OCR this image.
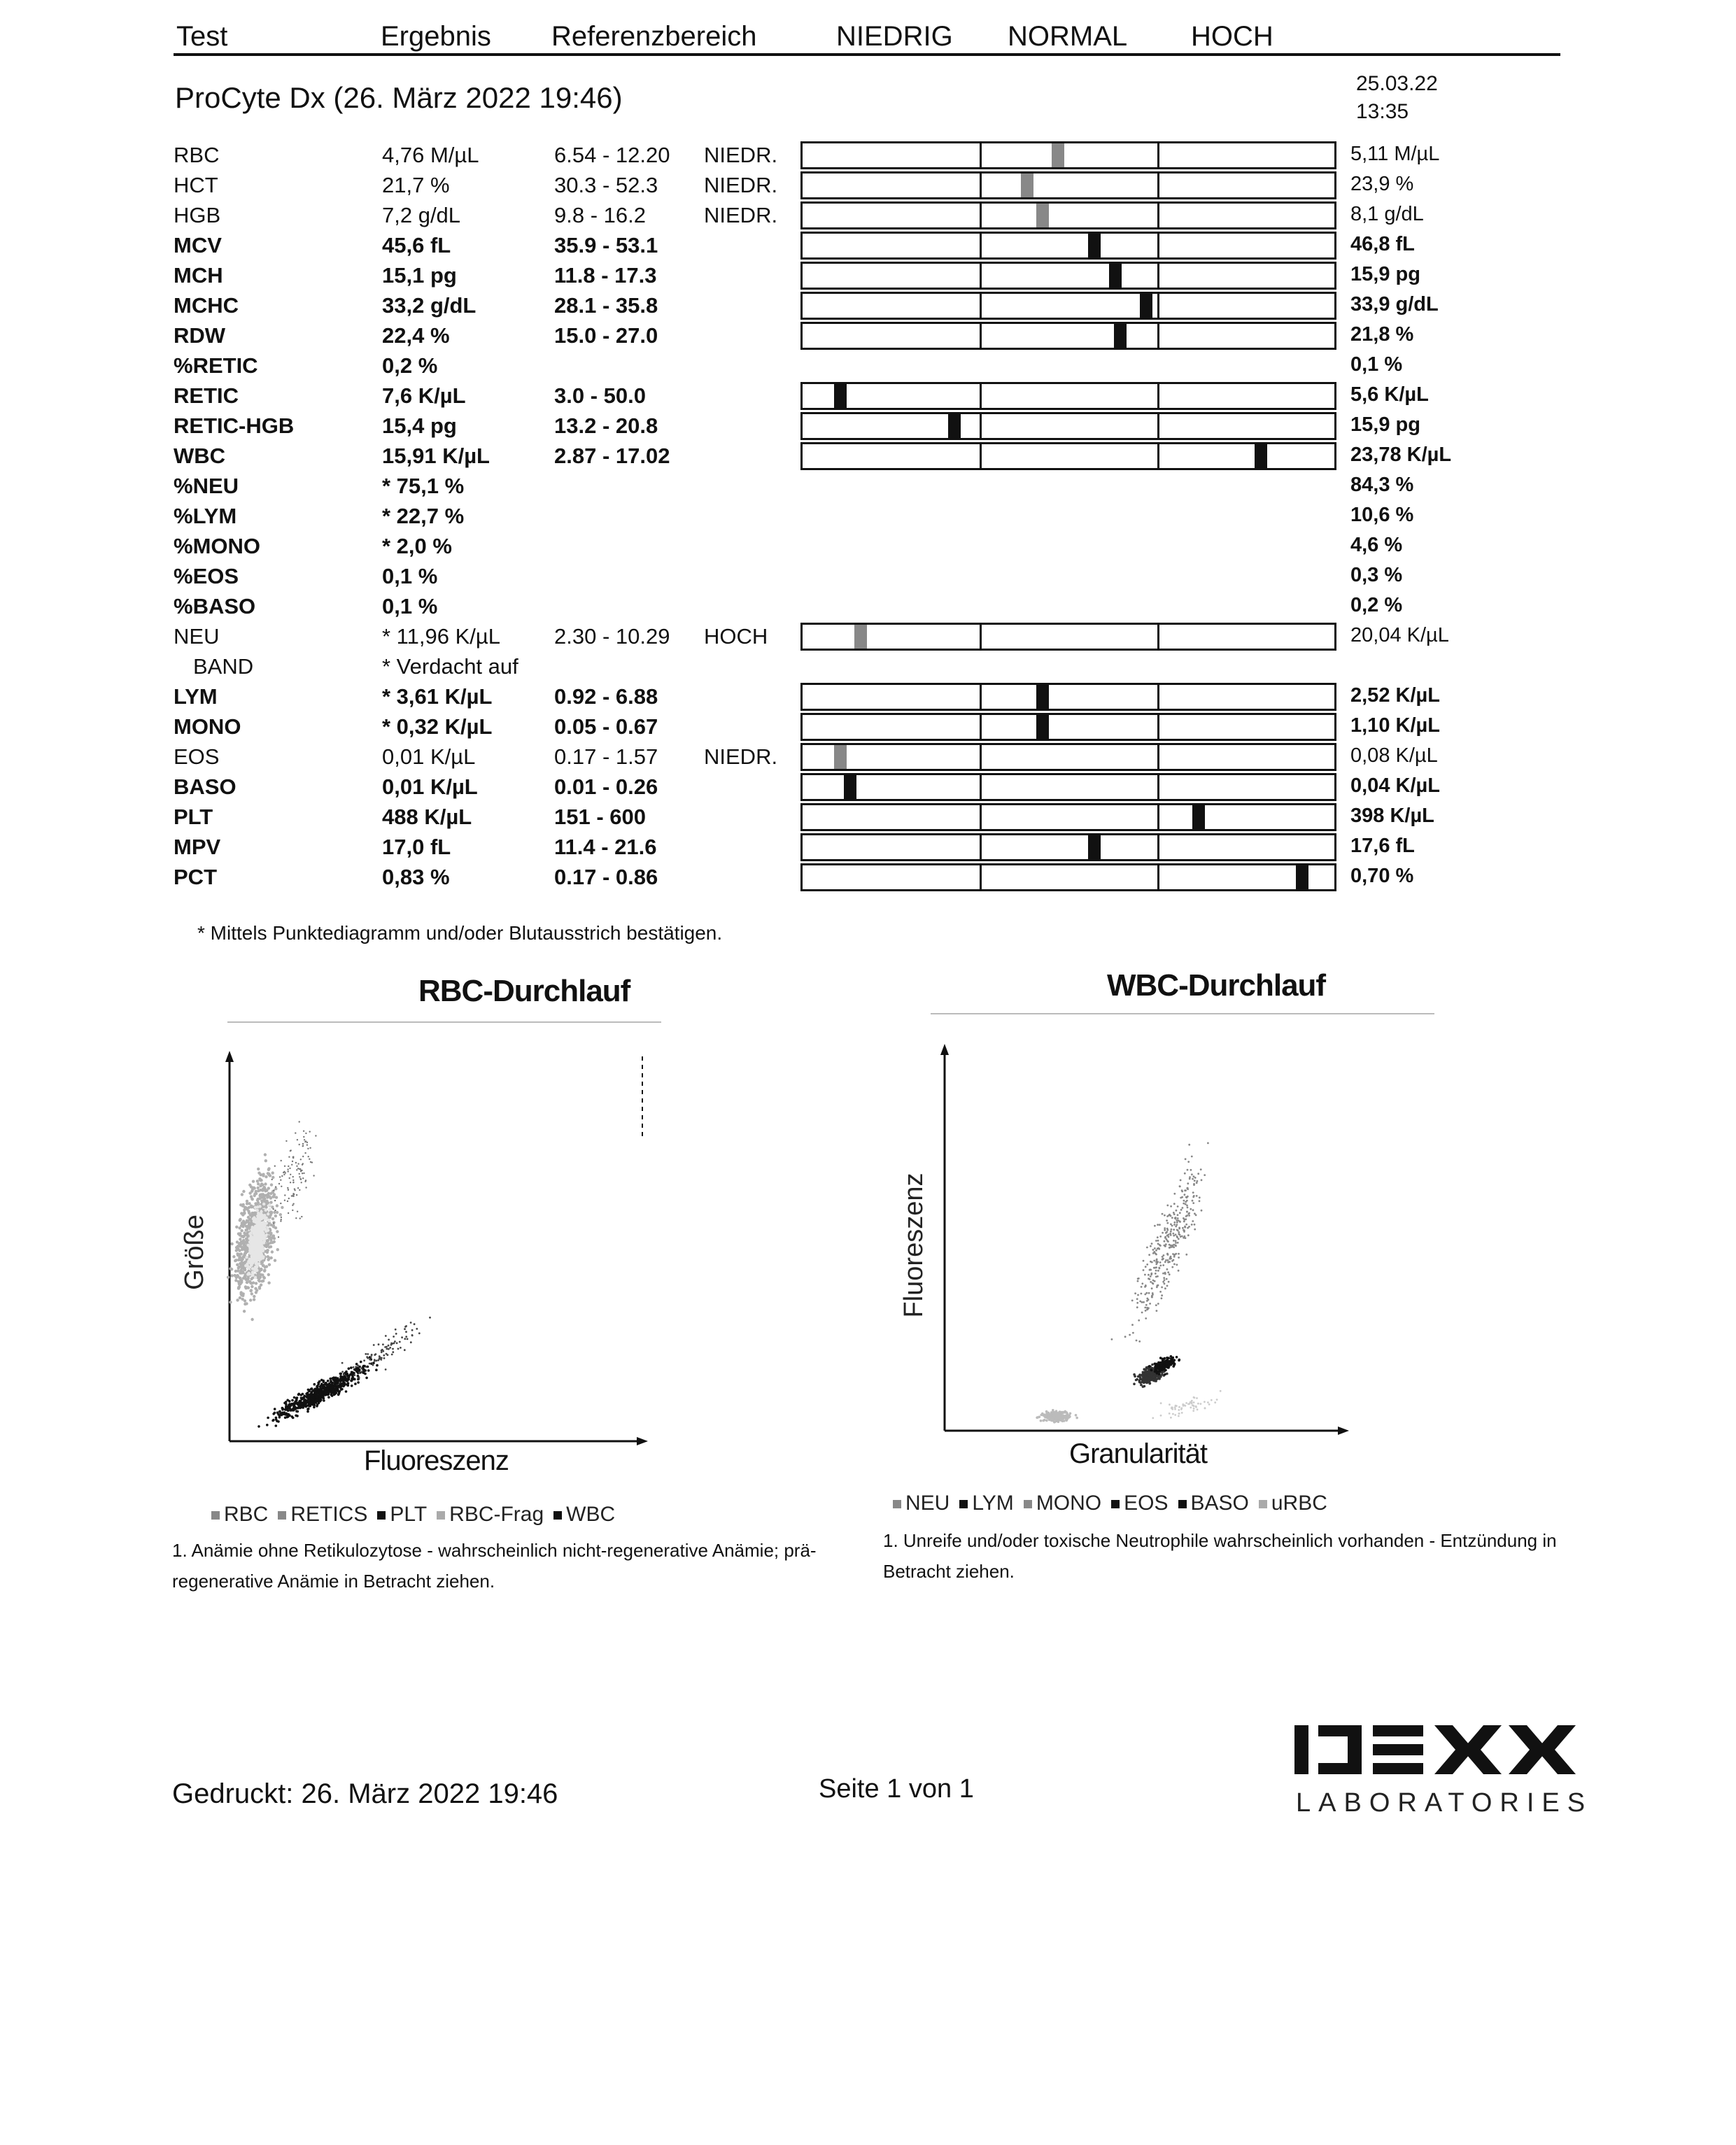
Test	Ergebnis Referenzbereich	NIEDRIG NORMAL HOCH
ProCyte Dx (26. März 2022 19:46)	25.03.22
13:35
RBC	4,76 M/µL	6.54 - 12.20 NIEDR.	5,11 M/µL
HCT	21,7 %	30.3 - 52.3 NIEDR.	23,9 %
HGB	7,2 g/dL	9.8 - 16.2	NIEDR.	8,1 g/dL
MCV	45,6 fL	35.9 - 53.1	46,8 fL
MCH	15,1 pg	11.8 - 17.3	15,9 pg
MCHC	33,2 g/dL	28.1 - 35.8	33,9 g/dL
RDW	22,4 %	15.0 - 27.0	21,8 %
%RETIC	0,2 %	0,1 %
RETIC	7,6 K/µL	3.0 - 50.0	5,6 K/µL
RETIC-HGB	15,4 pg	13.2 - 20.8	15,9 pg
WBC	15,91 K/µL	2.87 - 17.02	23,78 K/µL
%NEU	* 75,1 %	84,3 %
%LYM	* 22,7 %	10,6 %
%MONO	* 2,0 %	4,6 %
%EOS	0,1 %	0,3 %
%BASO	0,1 %	0,2 %
NEU	* 11,96 K/µL 2.30 - 10.29 HOCH	20,04 K/µL
BAND	* Verdacht auf
LYM	* 3,61 K/µL	0.92 - 6.88	2,52 K/µL
MONO	* 0,32 K/µL	0.05 - 0.67	1,10 K/µL
EOS	0,01 K/µL	0.17 - 1.57 NIEDR.	0,08 K/µL
BASO	0,01 K/µL	0.01 - 0.26	0,04 K/µL
PLT	488 K/µL	151 - 600	398 K/µL
MPV	17,0 fL	11.4 - 21.6	17,6 fL
PCT	0,83 %	0.17 - 0.86	0,70 %
* Mittels Punktediagramm und/oder Blutausstrich bestätigen.
RBC-Durchlauf
Größe
Fluoreszenz
RBC RETICS PLT RBC-Frag WBC
1. Anämie ohne Retikulozytose - wahrscheinlich nicht-regenerative Anämie; prä-regenerative Anämie in Betracht ziehen.
WBC-Durchlauf
Fluoreszenz
Granularität
NEU LYM MONO EOS BASO uRBC
1. Unreife und/oder toxische Neutrophile wahrscheinlich vorhanden - Entzündung in Betracht ziehen.
Gedruckt: 26. März 2022 19:46	Seite 1 von 1	LABORATORIES
